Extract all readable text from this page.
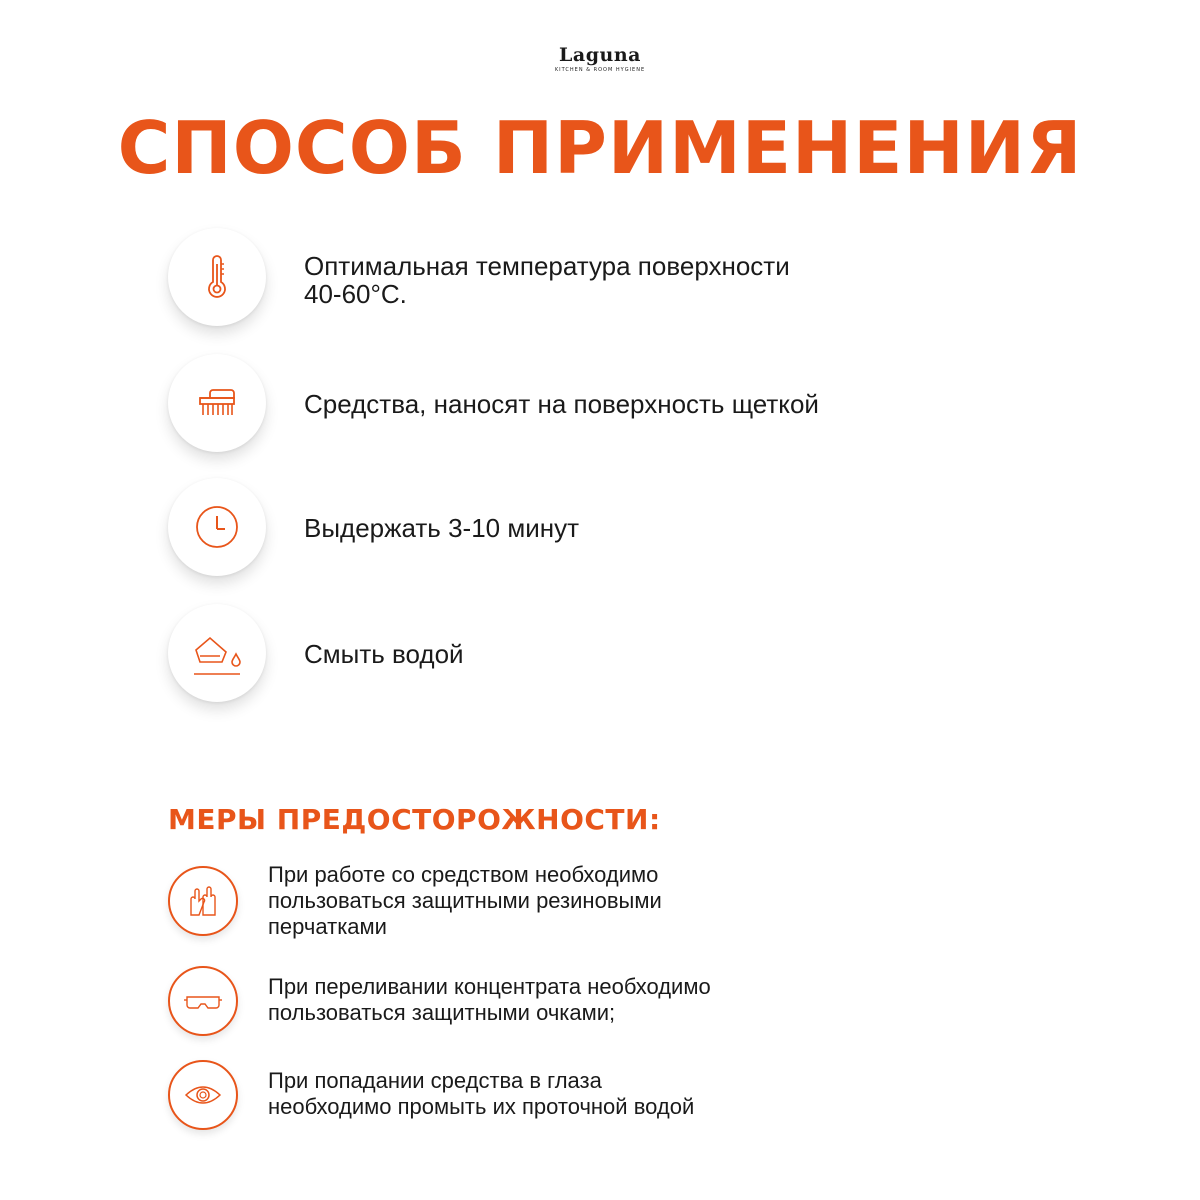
Laguna
KITCHEN & ROOM HYGIENE
СПОСОБ ПРИМЕНЕНИЯ
Оптимальная температура поверхности
40-60°C.
Средства, наносят на поверхность щеткой
Выдержать 3-10 минут
Смыть водой
МЕРЫ ПРЕДОСТОРОЖНОСТИ:
При работе со средством необходимо
пользоваться защитными резиновыми
перчатками
При переливании концентрата необходимо
пользоваться защитными очками;
При попадании средства в глаза
необходимо промыть их проточной водой
